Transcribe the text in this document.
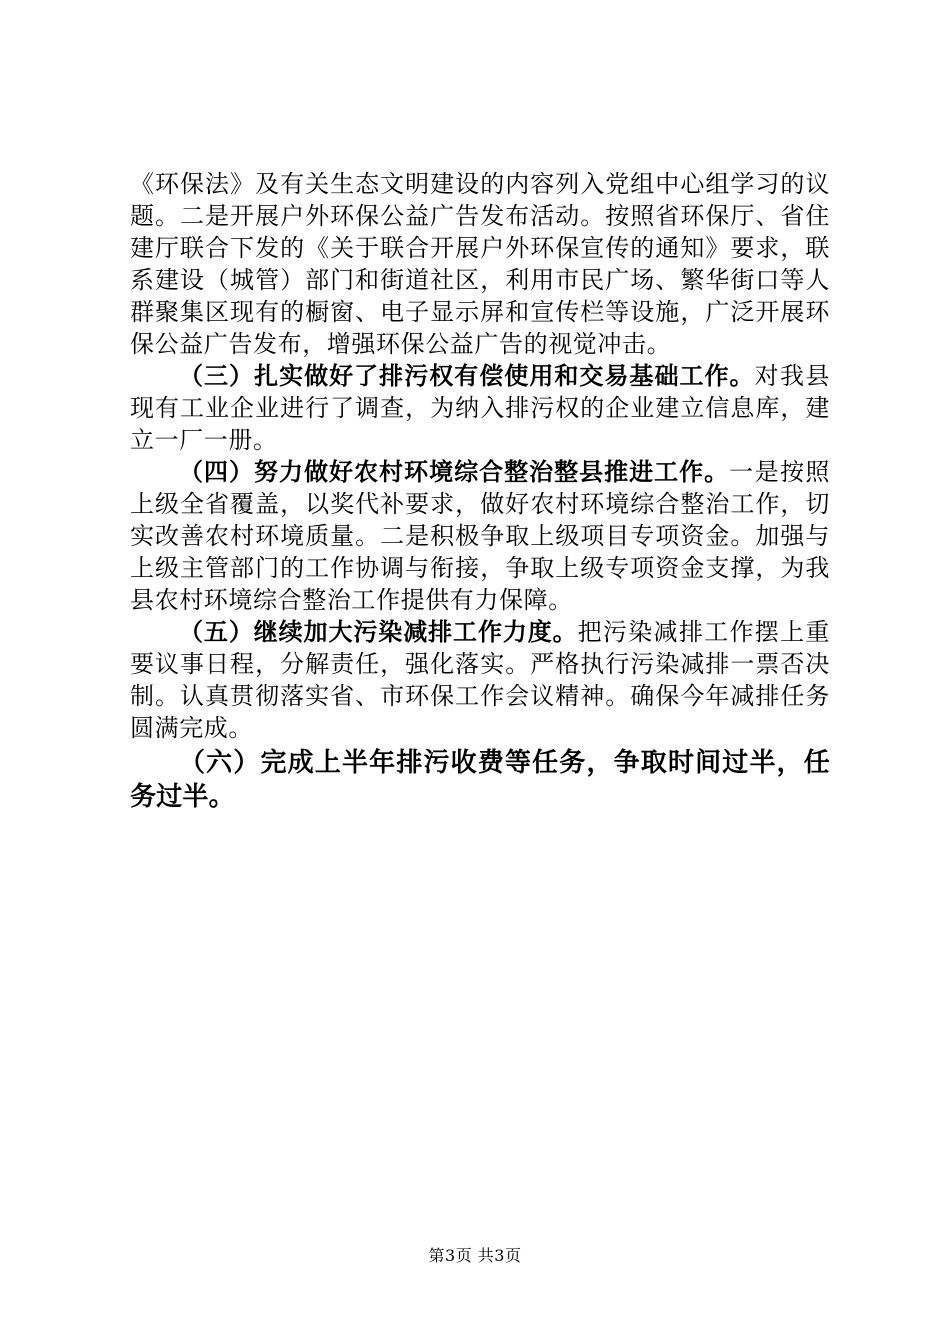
《环保法》及有关生态文明建设的内容列入党组中心组学习的议题。二是开展户外环保公益广告发布活动。按照省环保厅、省住建厅联合下发的《关于联合开展户外环保宣传的通知》要求，联系建设（城管）部门和街道社区，利用市民广场、繁华街口等人群聚集区现有的橱窗、电子显示屏和宣传栏等设施，广泛开展环保公益广告发布，增强环保公益广告的视觉冲击。

（三）扎实做好了排污权有偿使用和交易基础工作。对我县现有工业企业进行了调查，为纳入排污权的企业建立信息库，建立一厂一册。

（四）努力做好农村环境综合整治整县推进工作。一是按照上级全省覆盖，以奖代补要求，做好农村环境综合整治工作，切实改善农村环境质量。二是积极争取上级项目专项资金。加强与上级主管部门的工作协调与衔接，争取上级专项资金支撑，为我县农村环境综合整治工作提供有力保障。

（五）继续加大污染减排工作力度。把污染减排工作摆上重要议事日程，分解责任，强化落实。严格执行污染减排一票否决制。认真贯彻落实省、市环保工作会议精神。确保今年减排任务圆满完成。

（六）完成上半年排污收费等任务，争取时间过半，任务过半。

第3页 共3页
